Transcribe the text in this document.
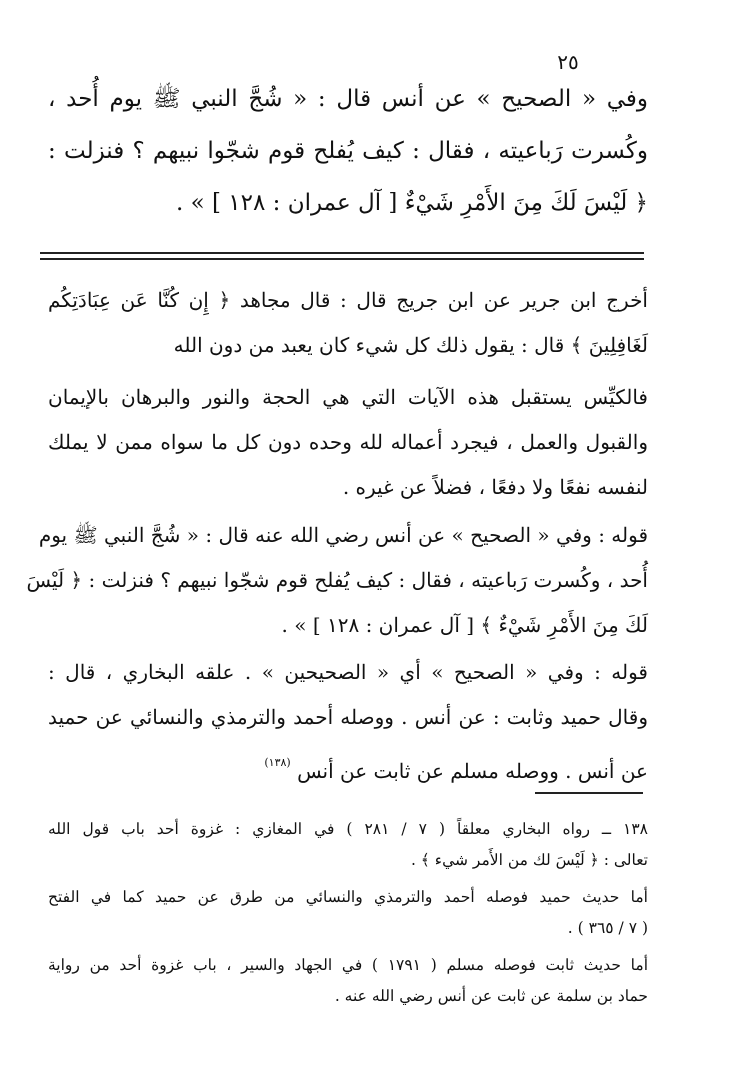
٢٥
وفي « الصحيح » عن أنس قال : « شُجَّ النبي ﷺ يوم أُحد ،
وكُسرت رَباعيته ، فقال : كيف يُفلح قوم شجّوا نبيهم ؟ فنزلت :
﴿ لَيْسَ لَكَ مِنَ الأَمْرِ شَيْءٌ [ آل عمران : ١٢٨ ] » .
أخرج ابن جرير عن ابن جريج قال : قال مجاهد ﴿ إِن كُنَّا عَن عِبَادَتِكُم
لَغَافِلِينَ ﴾ قال : يقول ذلك كل شيء كان يعبد من دون الله
فالكيِّس يستقبل هذه الآيات التي هي الحجة والنور والبرهان بالإيمان
والقبول والعمل ، فيجرد أعماله لله وحده دون كل ما سواه ممن لا يملك
لنفسه نفعًا ولا دفعًا ، فضلاً عن غيره .
قوله : وفي « الصحيح » عن أنس رضي الله عنه قال : « شُجَّ النبي ﷺ يوم
أُحد ، وكُسرت رَباعيته ، فقال : كيف يُفلح قوم شجّوا نبيهم ؟ فنزلت : ﴿ لَيْسَ
لَكَ مِنَ الأَمْرِ شَيْءٌ ﴾ [ آل عمران : ١٢٨ ] » .
قوله : وفي « الصحيح » أي « الصحيحين » . علقه البخاري ، قال :
وقال حميد وثابت : عن أنس . ووصله أحمد والترمذي والنسائي عن حميد
عن أنس . ووصله مسلم عن ثابت عن أنس $^{(١٣٨)}$
١٣٨ ــ رواه البخاري معلقاً ( ٧ / ٢٨١ ) في المغازي : غزوة أحد باب قول الله
تعالى : ﴿ لَيْسَ لك من الأَمر شيء ﴾ .
أما حديث حميد فوصله أحمد والترمذي والنسائي من طرق عن حميد كما في الفتح
( ٧ / ٣٦٥ ) .
أما حديث ثابت فوصله مسلم ( ١٧٩١ ) في الجهاد والسير ، باب غزوة أحد من رواية
حماد بن سلمة عن ثابت عن أنس رضي الله عنه .
